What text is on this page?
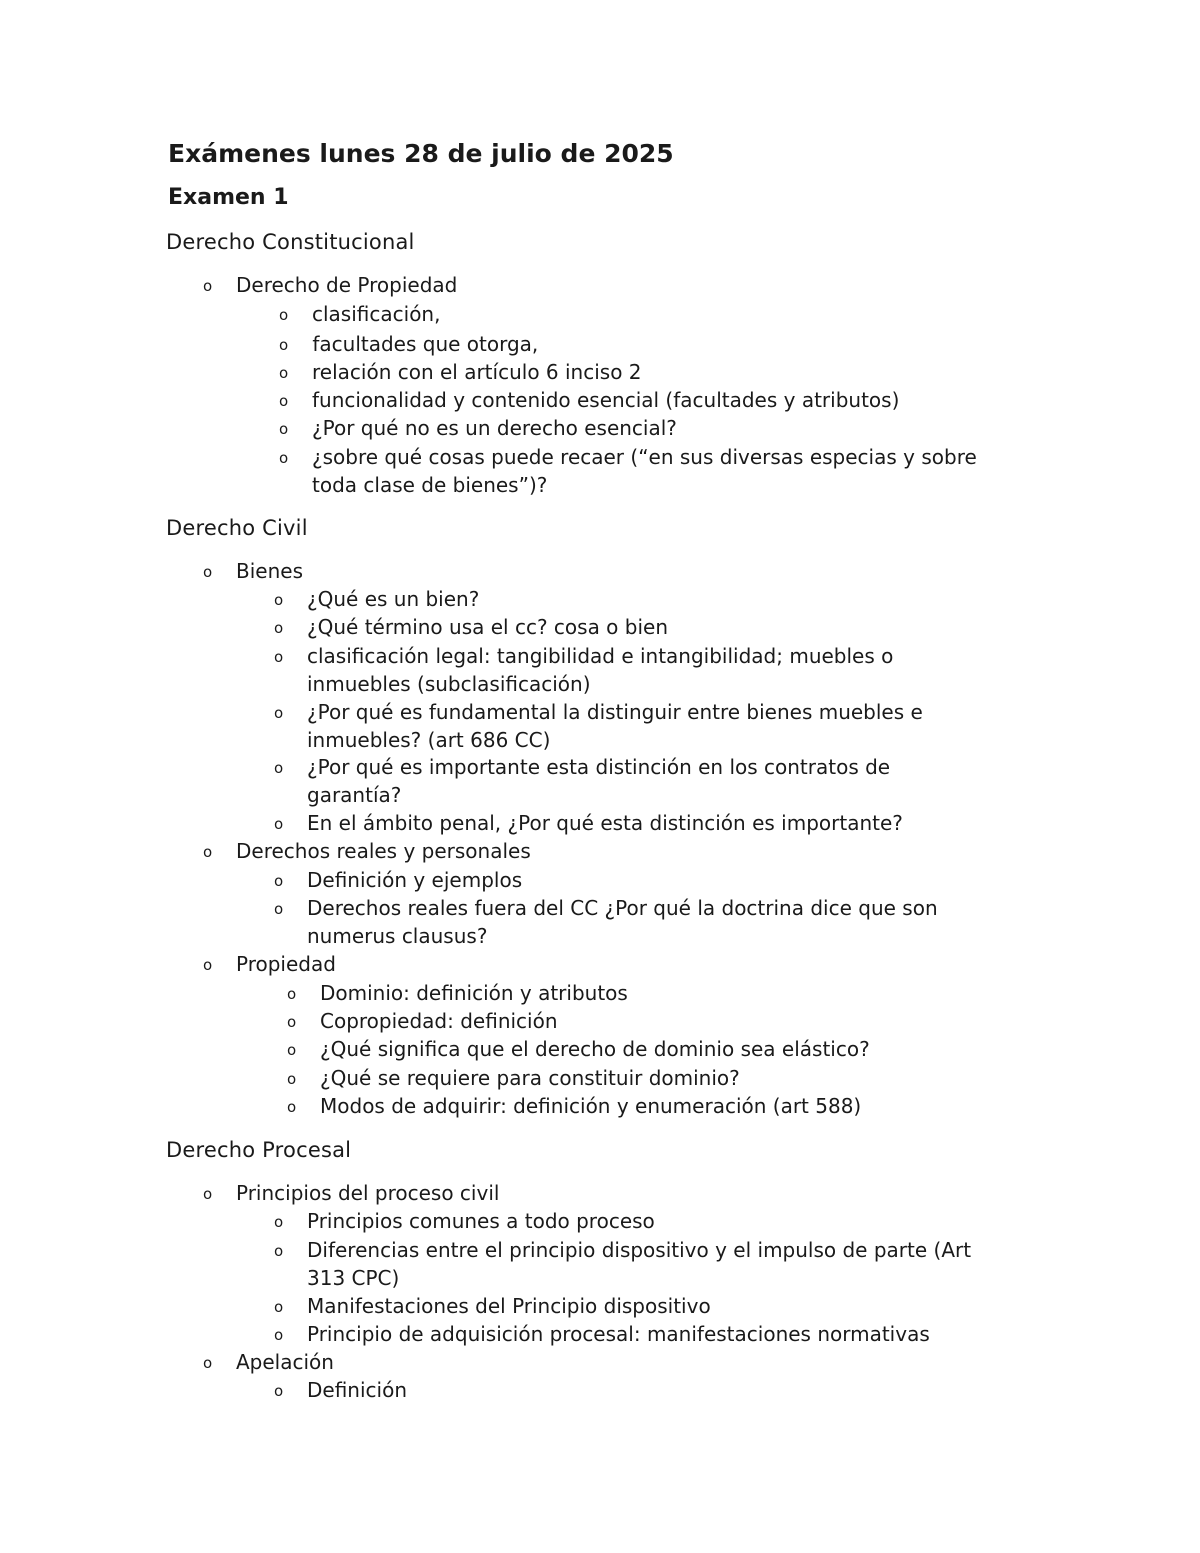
Exámenes lunes 28 de julio de 2025
Examen 1
Derecho Constitucional
o Derecho de Propiedad
o clasificación,
o facultades que otorga,
o relación con el artículo 6 inciso 2
o funcionalidad y contenido esencial (facultades y atributos)
o ¿Por qué no es un derecho esencial?
o ¿sobre qué cosas puede recaer (“en sus diversas especias y sobre
toda clase de bienes”)?
Derecho Civil
o Bienes
o ¿Qué es un bien?
o ¿Qué término usa el cc? cosa o bien
o clasificación legal: tangibilidad e intangibilidad; muebles o
inmuebles (subclasificación)
o ¿Por qué es fundamental la distinguir entre bienes muebles e
inmuebles? (art 686 CC)
o ¿Por qué es importante esta distinción en los contratos de
garantía?
o En el ámbito penal, ¿Por qué esta distinción es importante?
o Derechos reales y personales
o Definición y ejemplos
o Derechos reales fuera del CC ¿Por qué la doctrina dice que son
numerus clausus?
o Propiedad
o Dominio: definición y atributos
o Copropiedad: definición
o ¿Qué significa que el derecho de dominio sea elástico?
o ¿Qué se requiere para constituir dominio?
o Modos de adquirir: definición y enumeración (art 588)
Derecho Procesal
o Principios del proceso civil
o Principios comunes a todo proceso
o Diferencias entre el principio dispositivo y el impulso de parte (Art
313 CPC)
o Manifestaciones del Principio dispositivo
o Principio de adquisición procesal: manifestaciones normativas
o Apelación
o Definición
